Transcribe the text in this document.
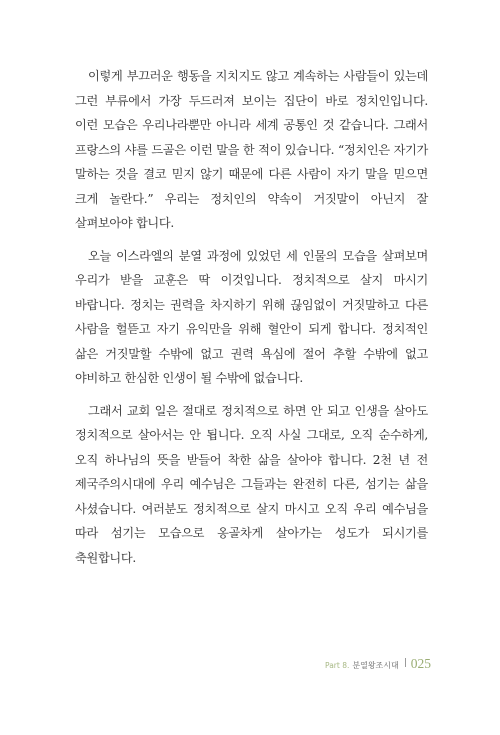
이렇게 부끄러운 행동을 지치지도 않고 계속하는 사람들이 있는데 그런 부류에서 가장 두드러져 보이는 집단이 바로 정치인입니다. 이런 모습은 우리나라뿐만 아니라 세계 공통인 것 같습니다. 그래서 프랑스의 샤를 드골은 이런 말을 한 적이 있습니다. “정치인은 자기가 말하는 것을 결코 믿지 않기 때문에 다른 사람이 자기 말을 믿으면 크게 놀란다.” 우리는 정치인의 약속이 거짓말이 아닌지 잘 살펴보아야 합니다.

오늘 이스라엘의 분열 과정에 있었던 세 인물의 모습을 살펴보며 우리가 받을 교훈은 딱 이것입니다. 정치적으로 살지 마시기 바랍니다. 정치는 권력을 차지하기 위해 끊임없이 거짓말하고 다른 사람을 헐뜯고 자기 유익만을 위해 혈안이 되게 합니다. 정치적인 삶은 거짓말할 수밖에 없고 권력 욕심에 절어 추할 수밖에 없고 야비하고 한심한 인생이 될 수밖에 없습니다.

그래서 교회 일은 절대로 정치적으로 하면 안 되고 인생을 살아도 정치적으로 살아서는 안 됩니다. 오직 사실 그대로, 오직 순수하게, 오직 하나님의 뜻을 받들어 착한 삶을 살아야 합니다. 2천 년 전 제국주의시대에 우리 예수님은 그들과는 완전히 다른, 섬기는 삶을 사셨습니다. 여러분도 정치적으로 살지 마시고 오직 우리 예수님을 따라 섬기는 모습으로 옹골차게 살아가는 성도가 되시기를 축원합니다.

Part 8. 분열왕조시대 025
